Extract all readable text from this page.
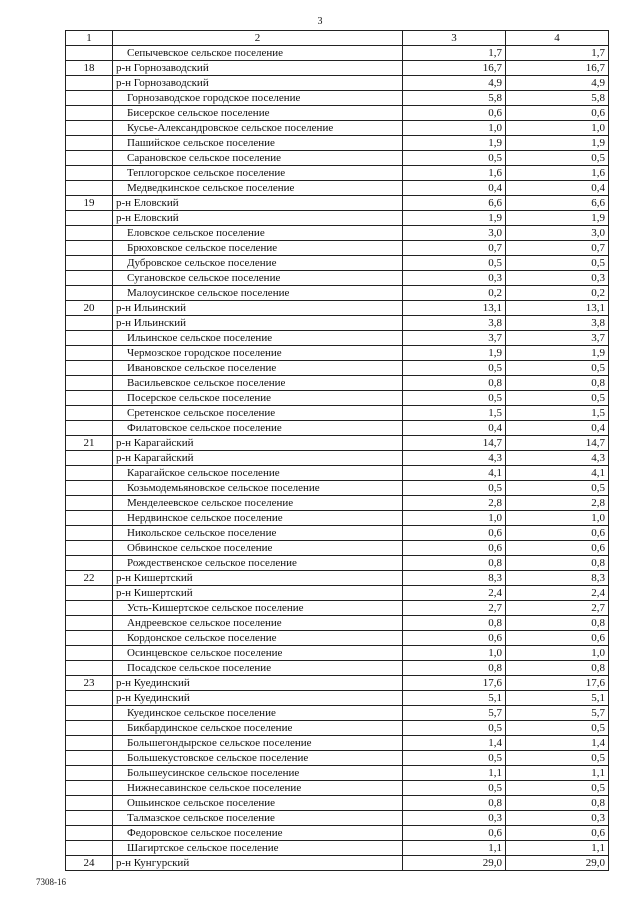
3
1	2	3	4
	Сепычевское сельское поселение	1,7	1,7
18	р-н Горнозаводский	16,7	16,7
	р-н Горнозаводский	4,9	4,9
	Горнозаводское городское поселение	5,8	5,8
	Бисерское сельское поселение	0,6	0,6
	Кусье-Александровское сельское поселение	1,0	1,0
	Пашийское сельское поселение	1,9	1,9
	Сарановское сельское поселение	0,5	0,5
	Теплогорское сельское поселение	1,6	1,6
	Медведкинское сельское поселение	0,4	0,4
19	р-н Еловский	6,6	6,6
	р-н Еловский	1,9	1,9
	Еловское сельское поселение	3,0	3,0
	Брюховское сельское поселение	0,7	0,7
	Дубровское сельское поселение	0,5	0,5
	Сугановское сельское поселение	0,3	0,3
	Малоусинское сельское поселение	0,2	0,2
20	р-н Ильинский	13,1	13,1
	р-н Ильинский	3,8	3,8
	Ильинское сельское поселение	3,7	3,7
	Чермозское городское поселение	1,9	1,9
	Ивановское сельское поселение	0,5	0,5
	Васильевское сельское поселение	0,8	0,8
	Посерское сельское поселение	0,5	0,5
	Сретенское сельское поселение	1,5	1,5
	Филатовское сельское поселение	0,4	0,4
21	р-н Карагайский	14,7	14,7
	р-н Карагайский	4,3	4,3
	Карагайское сельское поселение	4,1	4,1
	Козьмодемьяновское сельское поселение	0,5	0,5
	Менделеевское сельское поселение	2,8	2,8
	Нердвинское сельское поселение	1,0	1,0
	Никольское сельское поселение	0,6	0,6
	Обвинское сельское поселение	0,6	0,6
	Рождественское сельское поселение	0,8	0,8
22	р-н Кишертский	8,3	8,3
	р-н Кишертский	2,4	2,4
	Усть-Кишертское сельское поселение	2,7	2,7
	Андреевское сельское поселение	0,8	0,8
	Кордонское сельское поселение	0,6	0,6
	Осинцевское сельское поселение	1,0	1,0
	Посадское сельское поселение	0,8	0,8
23	р-н Куединский	17,6	17,6
	р-н Куединский	5,1	5,1
	Куединское сельское поселение	5,7	5,7
	Бикбардинское сельское поселение	0,5	0,5
	Большегондырское сельское поселение	1,4	1,4
	Большекустовское сельское поселение	0,5	0,5
	Большеусинское сельское поселение	1,1	1,1
	Нижнесавинское сельское поселение	0,5	0,5
	Ошьинское сельское поселение	0,8	0,8
	Талмазское сельское поселение	0,3	0,3
	Федоровское сельское поселение	0,6	0,6
	Шагиртское сельское поселение	1,1	1,1
24	р-н Кунгурский	29,0	29,0
7308-16
